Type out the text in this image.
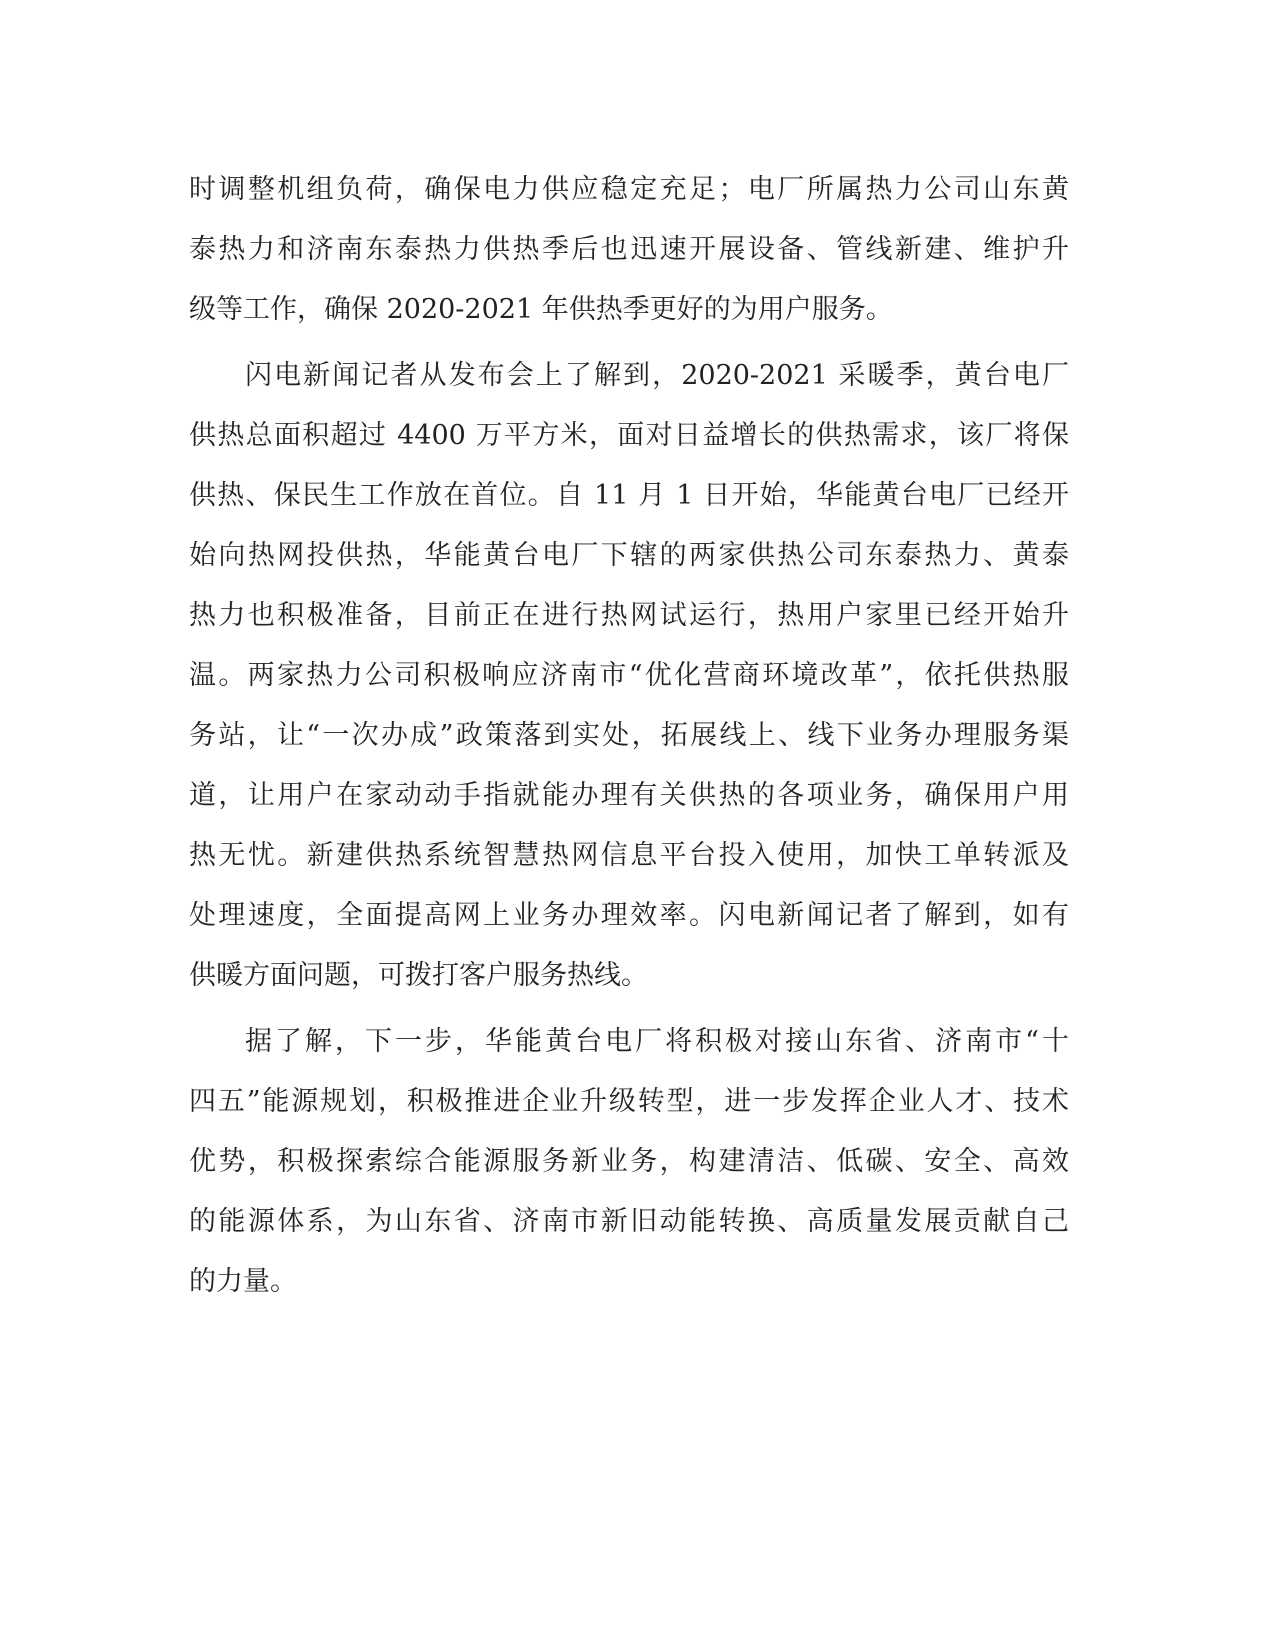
时调整机组负荷，确保电力供应稳定充足；电厂所属热力公司山东黄
泰热力和济南东泰热力供热季后也迅速开展设备、管线新建、维护升
级等工作，确保 2020-2021 年供热季更好的为用户服务。

闪电新闻记者从发布会上了解到，2020-2021 采暖季，黄台电厂
供热总面积超过 4400 万平方米，面对日益增长的供热需求，该厂将保
供热、保民生工作放在首位。自 11 月 1 日开始，华能黄台电厂已经开
始向热网投供热，华能黄台电厂下辖的两家供热公司东泰热力、黄泰
热力也积极准备，目前正在进行热网试运行，热用户家里已经开始升
温。两家热力公司积极响应济南市“优化营商环境改革”，依托供热服
务站，让“一次办成”政策落到实处，拓展线上、线下业务办理服务渠
道，让用户在家动动手指就能办理有关供热的各项业务，确保用户用
热无忧。新建供热系统智慧热网信息平台投入使用，加快工单转派及
处理速度，全面提高网上业务办理效率。闪电新闻记者了解到，如有
供暖方面问题，可拨打客户服务热线。

据了解，下一步，华能黄台电厂将积极对接山东省、济南市“十
四五”能源规划，积极推进企业升级转型，进一步发挥企业人才、技术
优势，积极探索综合能源服务新业务，构建清洁、低碳、安全、高效
的能源体系，为山东省、济南市新旧动能转换、高质量发展贡献自己
的力量。
